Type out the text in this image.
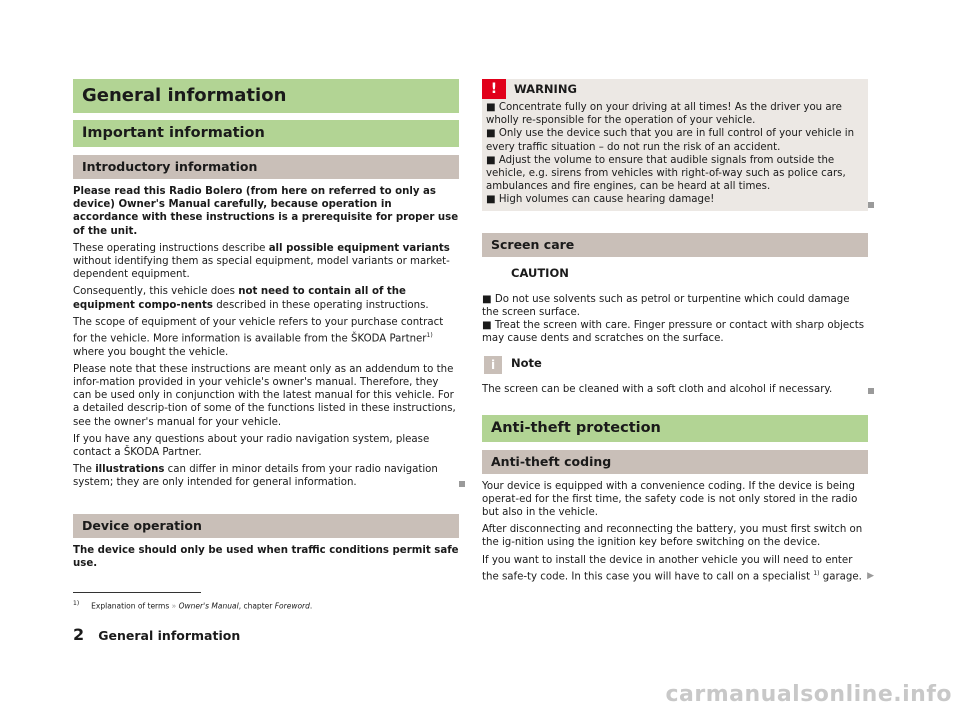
General information
Important information
Introductory information

Please read this Radio Bolero (from here on referred to only as device) Owner's Manual carefully, because operation in accordance with these instructions is a prerequisite for proper use of the unit.

These operating instructions describe all possible equipment variants without identifying them as special equipment, model variants or market-dependent equipment.

Consequently, this vehicle does not need to contain all of the equipment compo-nents described in these operating instructions.

The scope of equipment of your vehicle refers to your purchase contract for the vehicle. More information is available from the ŠKODA Partner$^{1)}$ where you bought the vehicle.

Please note that these instructions are meant only as an addendum to the infor-mation provided in your vehicle's owner's manual. Therefore, they can be used only in conjunction with the latest manual for this vehicle. For a detailed descrip-tion of some of the functions listed in these instructions, see the owner's manual for your vehicle.

If you have any questions about your radio navigation system, please contact a ŠKODA Partner.

The illustrations can differ in minor details from your radio navigation system; they are only intended for general information.

Device operation

The device should only be used when traffic conditions permit safe use.

!	WARNING
■ Concentrate fully on your driving at all times! As the driver you are wholly re-sponsible for the operation of your vehicle.
■ Only use the device such that you are in full control of your vehicle in every traffic situation – do not run the risk of an accident.
■ Adjust the volume to ensure that audible signals from outside the vehicle, e.g. sirens from vehicles with right-of-way such as police cars, ambulances and fire engines, can be heard at all times.
■ High volumes can cause hearing damage!
Screen care
CAUTION

■ Do not use solvents such as petrol or turpentine which could damage the screen surface.

■ Treat the screen with care. Finger pressure or contact with sharp objects may cause dents and scratches on the surface.

i	Note

The screen can be cleaned with a soft cloth and alcohol if necessary.

Anti-theft protection
Anti-theft coding

Your device is equipped with a convenience coding. If the device is being operat-ed for the first time, the safety code is not only stored in the radio but also in the vehicle.

After disconnecting and reconnecting the battery, you must first switch on the ig-nition using the ignition key before switching on the device.

If you want to install the device in another vehicle you will need to enter the safe-ty code. In this case you will have to call on a specialist $^{1)}$ garage. ▶

$^{1)}$ Explanation of terms » Owner's Manual, chapter Foreword.
2 General information
carmanualsonline.info
